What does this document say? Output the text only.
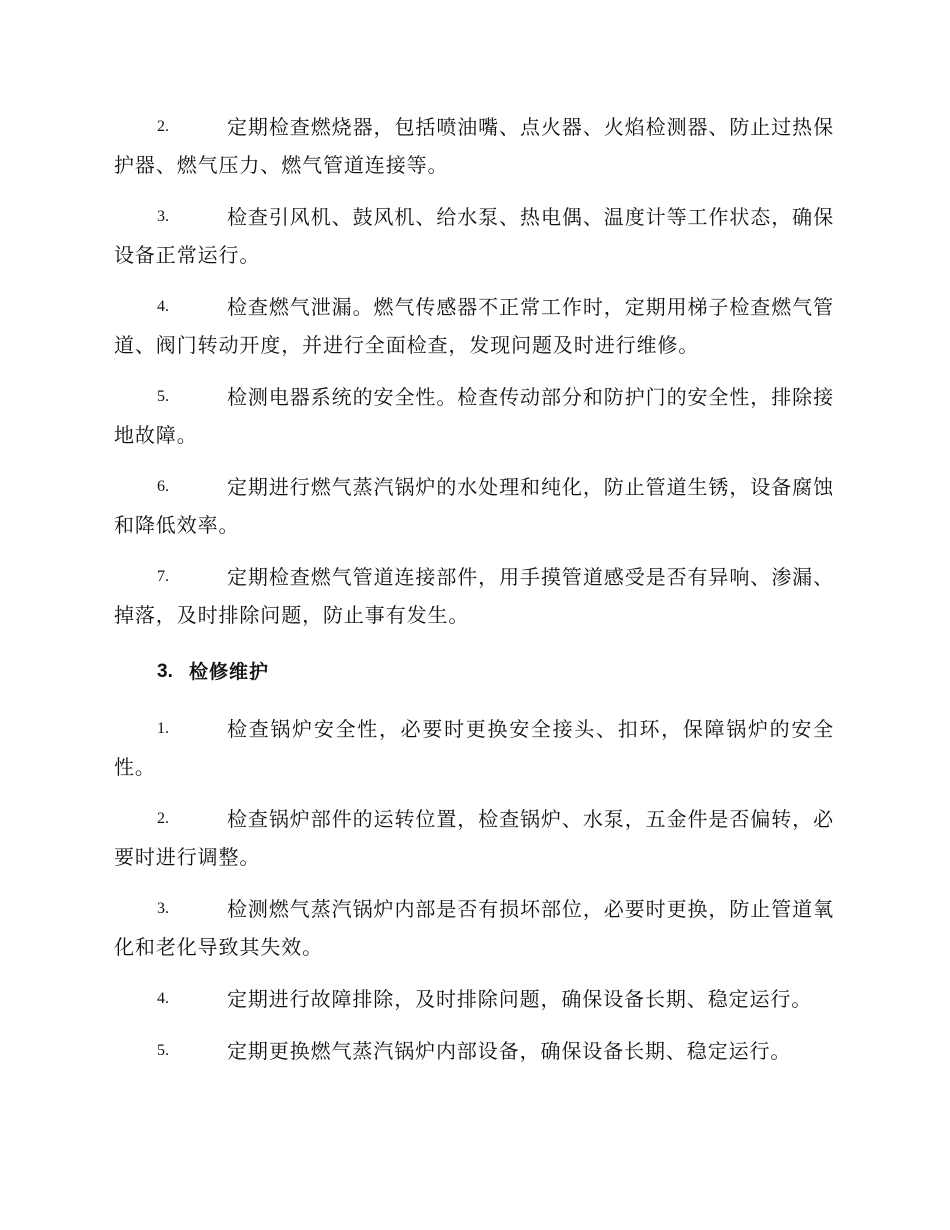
2.	定期检查燃烧器，包括喷油嘴、点火器、火焰检测器、防止过热保护器、燃气压力、燃气管道连接等。

3.	检查引风机、鼓风机、给水泵、热电偶、温度计等工作状态，确保设备正常运行。

4.	检查燃气泄漏。燃气传感器不正常工作时，定期用梯子检查燃气管道、阀门转动开度，并进行全面检查，发现问题及时进行维修。

5.	检测电器系统的安全性。检查传动部分和防护门的安全性，排除接地故障。

6.	定期进行燃气蒸汽锅炉的水处理和纯化，防止管道生锈，设备腐蚀和降低效率。

7.	定期检查燃气管道连接部件，用手摸管道感受是否有异响、渗漏、掉落，及时排除问题，防止事有发生。

3. 检修维护

1.	检查锅炉安全性，必要时更换安全接头、扣环，保障锅炉的安全性。

2.	检查锅炉部件的运转位置，检查锅炉、水泵，五金件是否偏转，必要时进行调整。

3.	检测燃气蒸汽锅炉内部是否有损坏部位，必要时更换，防止管道氧化和老化导致其失效。

4.	定期进行故障排除，及时排除问题，确保设备长期、稳定运行。

5.	定期更换燃气蒸汽锅炉内部设备，确保设备长期、稳定运行。
